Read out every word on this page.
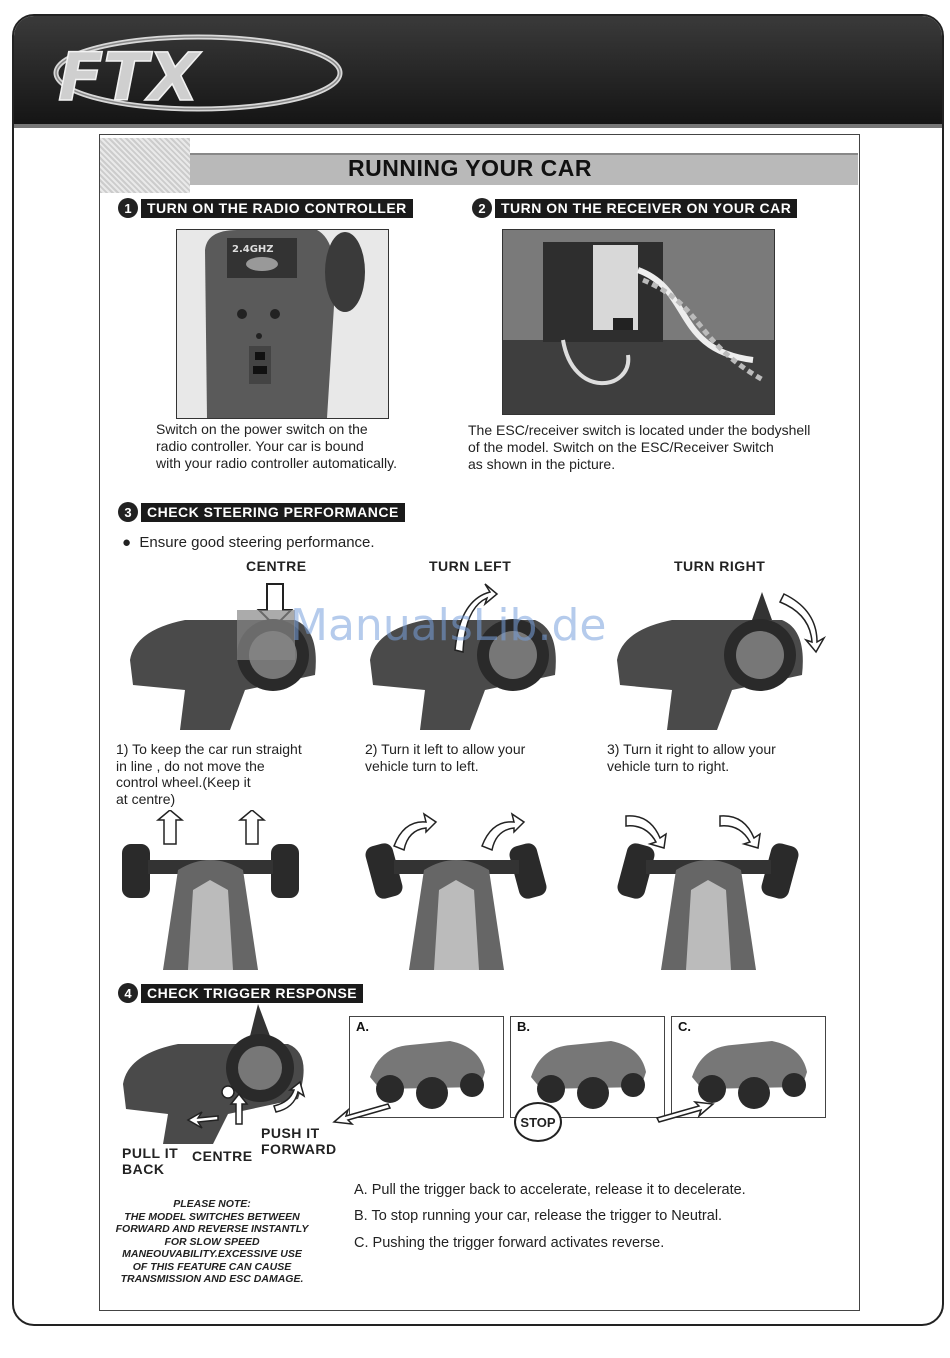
FTX
RUNNING YOUR CAR
1	TURN ON THE RADIO CONTROLLER
2.4GHZ
Switch on the power switch on the
radio controller. Your car is bound
with your radio controller automatically.
2	TURN ON THE RECEIVER ON YOUR CAR
The ESC/receiver switch is located under the bodyshell
of the model. Switch on the ESC/Receiver Switch
as shown in the picture.
3	CHECK STEERING PERFORMANCE
●  Ensure good steering performance.
CENTRE	TURN LEFT	TURN RIGHT
1) To keep the car run straight
in line , do not move the
control wheel.(Keep it
at centre)
2) Turn it left to allow your
vehicle turn to left.
3) Turn it right to allow your
vehicle turn to right.
4	CHECK TRIGGER RESPONSE
PULL IT
BACK
CENTRE
PUSH IT
FORWARD
A.	B.	C.
STOP
PLEASE NOTE:
THE MODEL SWITCHES BETWEEN
FORWARD AND REVERSE INSTANTLY
FOR SLOW SPEED
MANEOUVABILITY.EXCESSIVE USE
OF THIS FEATURE CAN CAUSE
TRANSMISSION AND ESC DAMAGE.
A. Pull the trigger back to accelerate, release it to decelerate.
B. To stop running your car, release the trigger to Neutral.
C. Pushing the trigger forward activates reverse.
ManualsLib.de
